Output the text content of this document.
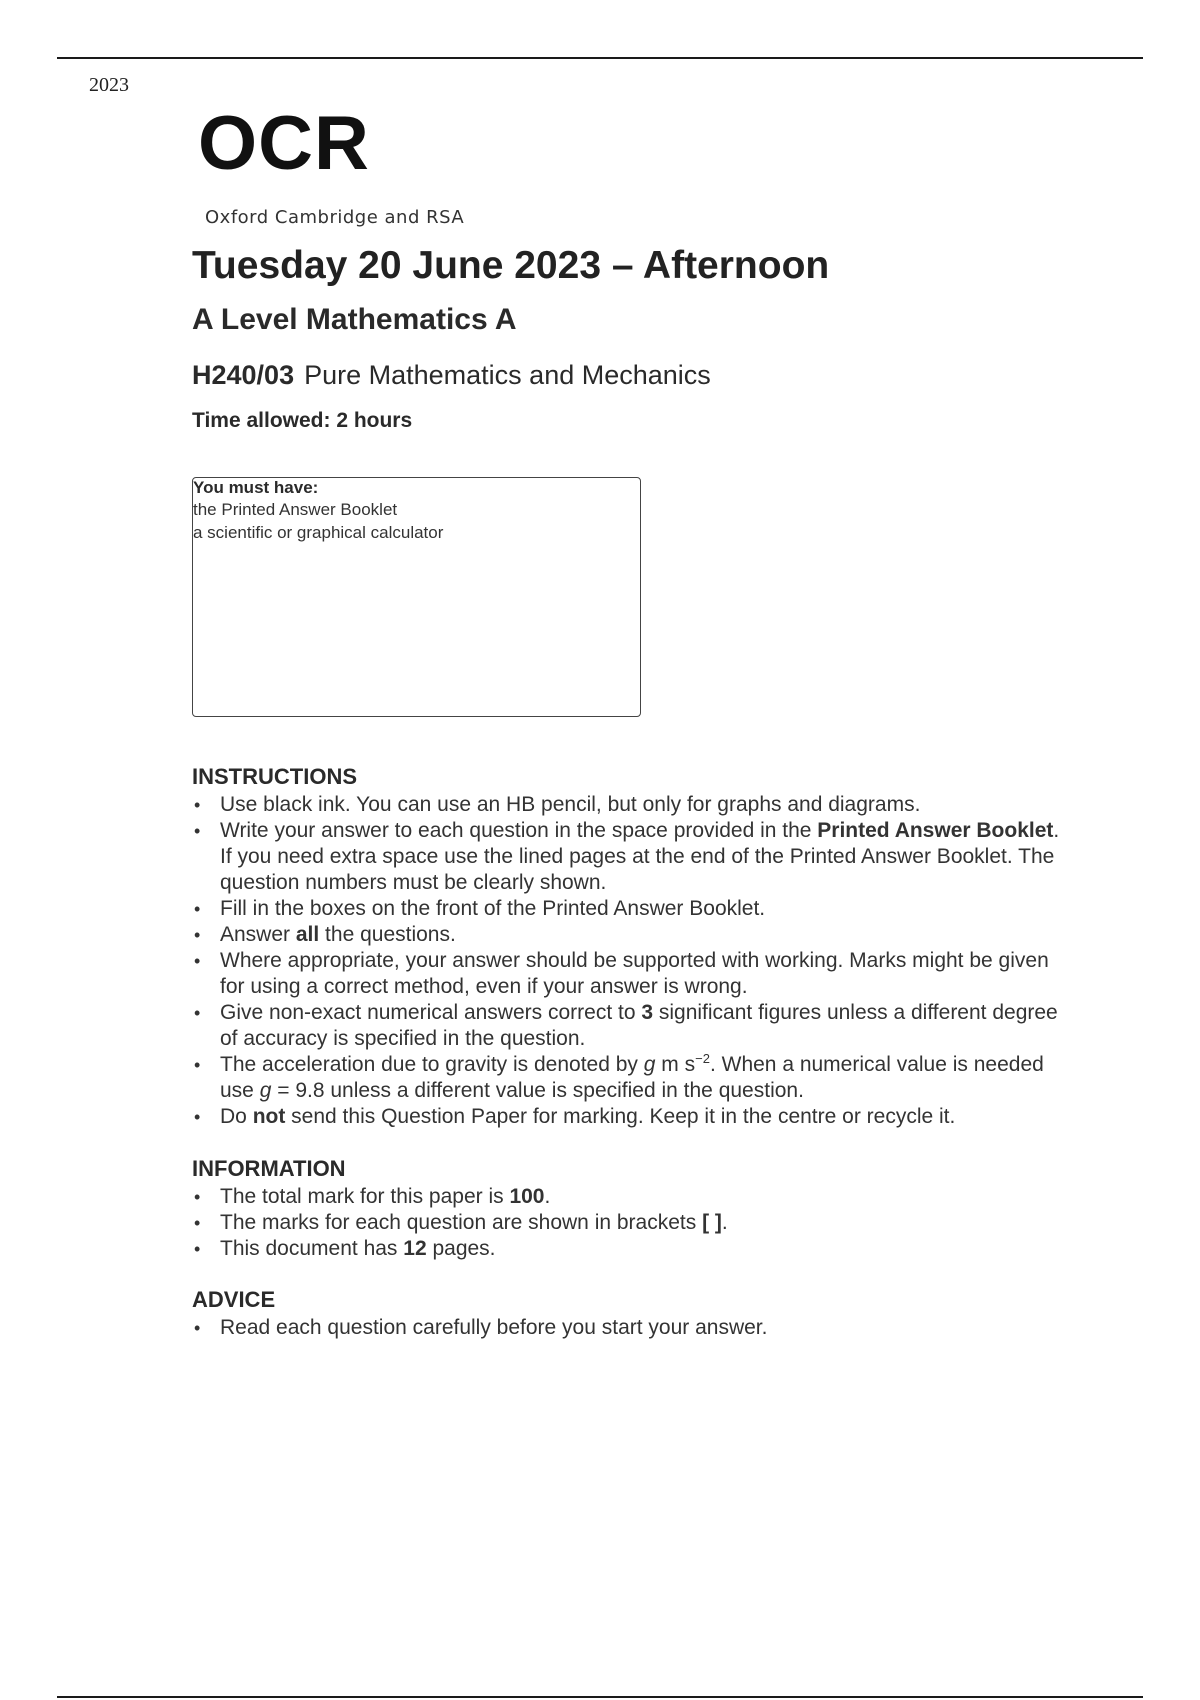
2023
OCR
Oxford Cambridge and RSA
Tuesday 20 June 2023 – Afternoon
A Level Mathematics A
H240/03 Pure Mathematics and Mechanics
Time allowed: 2 hours
You must have:
the Printed Answer Booklet
a scientific or graphical calculator
INSTRUCTIONS
• Use black ink. You can use an HB pencil, but only for graphs and diagrams.
• Write your answer to each question in the space provided in the Printed Answer Booklet. If you need extra space use the lined pages at the end of the Printed Answer Booklet. The question numbers must be clearly shown.
• Fill in the boxes on the front of the Printed Answer Booklet.
• Answer all the questions.
• Where appropriate, your answer should be supported with working. Marks might be given for using a correct method, even if your answer is wrong.
• Give non-exact numerical answers correct to 3 significant figures unless a different degree of accuracy is specified in the question.
• The acceleration due to gravity is denoted by g m $s^{-2}$. When a numerical value is needed use g = 9.8 unless a different value is specified in the question.
• Do not send this Question Paper for marking. Keep it in the centre or recycle it.
INFORMATION
• The total mark for this paper is 100.
• The marks for each question are shown in brackets [ ].
• This document has 12 pages.
ADVICE
• Read each question carefully before you start your answer.
